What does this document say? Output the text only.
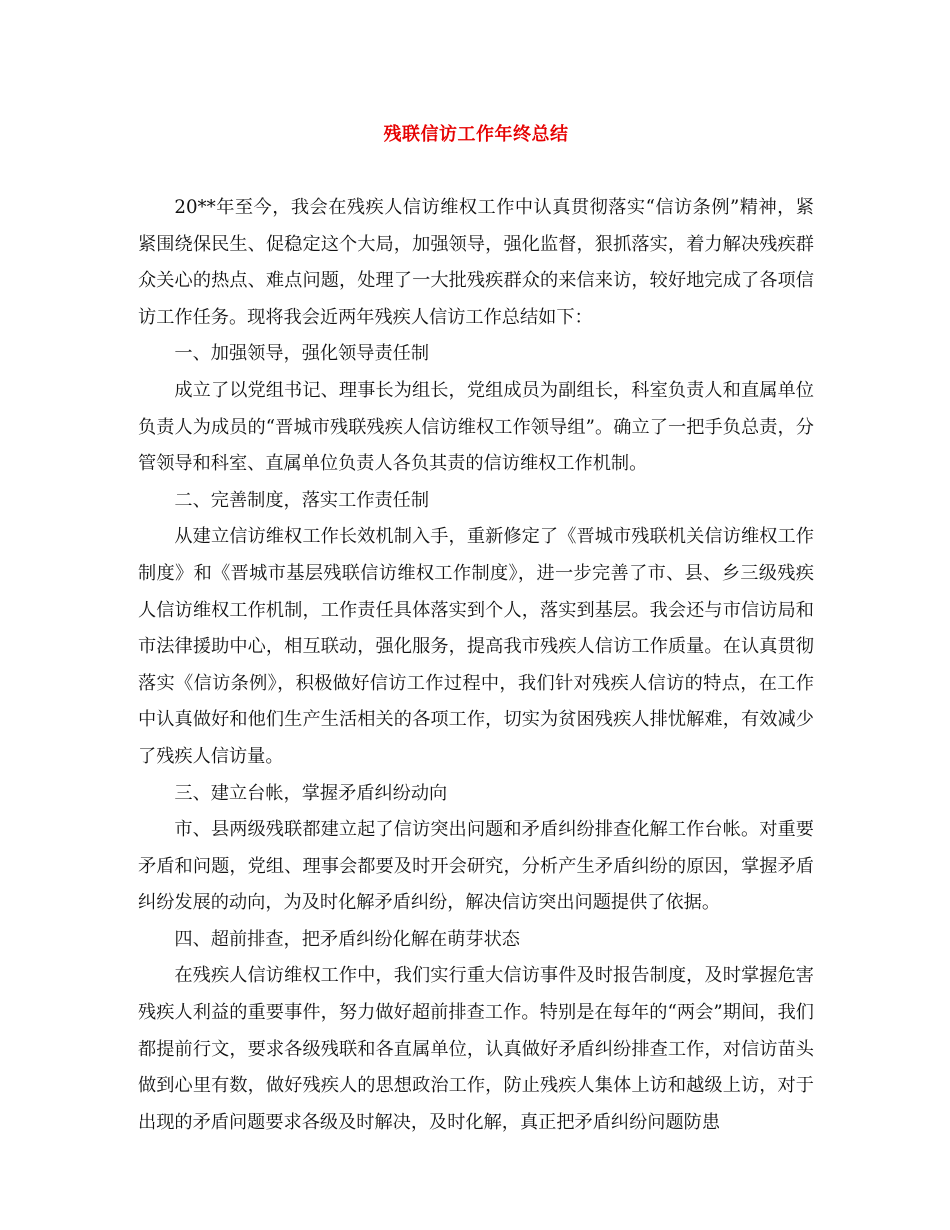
残联信访工作年终总结

20**年至今，我会在残疾人信访维权工作中认真贯彻落实“信访条例”精神，紧紧围绕保民生、促稳定这个大局，加强领导，强化监督，狠抓落实，着力解决残疾群众关心的热点、难点问题，处理了一大批残疾群众的来信来访，较好地完成了各项信访工作任务。现将我会近两年残疾人信访工作总结如下：

一、加强领导，强化领导责任制

成立了以党组书记、理事长为组长，党组成员为副组长，科室负责人和直属单位负责人为成员的“晋城市残联残疾人信访维权工作领导组”。确立了一把手负总责，分管领导和科室、直属单位负责人各负其责的信访维权工作机制。

二、完善制度，落实工作责任制

从建立信访维权工作长效机制入手，重新修定了《晋城市残联机关信访维权工作制度》和《晋城市基层残联信访维权工作制度》，进一步完善了市、县、乡三级残疾人信访维权工作机制，工作责任具体落实到个人，落实到基层。我会还与市信访局和市法律援助中心，相互联动，强化服务，提高我市残疾人信访工作质量。在认真贯彻落实《信访条例》，积极做好信访工作过程中，我们针对残疾人信访的特点，在工作中认真做好和他们生产生活相关的各项工作，切实为贫困残疾人排忧解难，有效减少了残疾人信访量。

三、建立台帐，掌握矛盾纠纷动向

市、县两级残联都建立起了信访突出问题和矛盾纠纷排查化解工作台帐。对重要矛盾和问题，党组、理事会都要及时开会研究，分析产生矛盾纠纷的原因，掌握矛盾纠纷发展的动向，为及时化解矛盾纠纷，解决信访突出问题提供了依据。

四、超前排查，把矛盾纠纷化解在萌芽状态

在残疾人信访维权工作中，我们实行重大信访事件及时报告制度，及时掌握危害残疾人利益的重要事件，努力做好超前排查工作。特别是在每年的“两会”期间，我们都提前行文，要求各级残联和各直属单位，认真做好矛盾纠纷排查工作，对信访苗头做到心里有数，做好残疾人的思想政治工作，防止残疾人集体上访和越级上访，对于出现的矛盾问题要求各级及时解决，及时化解，真正把矛盾纠纷问题防患
